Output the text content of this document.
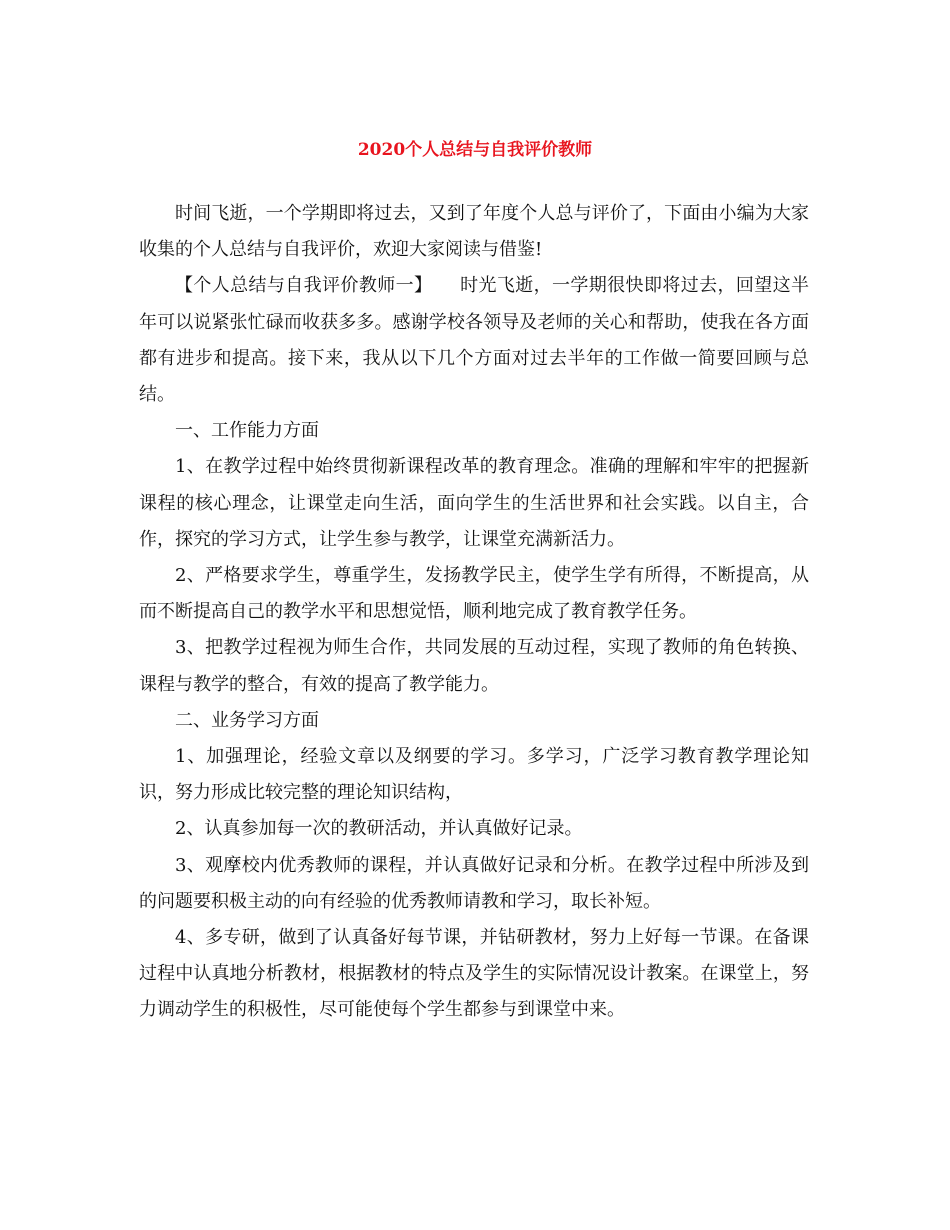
2020个人总结与自我评价教师

时间飞逝，一个学期即将过去，又到了年度个人总与评价了，下面由小编为大家收集的个人总结与自我评价，欢迎大家阅读与借鉴!

【个人总结与自我评价教师一】　　时光飞逝，一学期很快即将过去，回望这半年可以说紧张忙碌而收获多多。感谢学校各领导及老师的关心和帮助，使我在各方面都有进步和提高。接下来，我从以下几个方面对过去半年的工作做一简要回顾与总结。

一、工作能力方面

1、在教学过程中始终贯彻新课程改革的教育理念。准确的理解和牢牢的把握新课程的核心理念，让课堂走向生活，面向学生的生活世界和社会实践。以自主，合作，探究的学习方式，让学生参与教学，让课堂充满新活力。

2、严格要求学生，尊重学生，发扬教学民主，使学生学有所得，不断提高，从而不断提高自己的教学水平和思想觉悟，顺利地完成了教育教学任务。

3、把教学过程视为师生合作，共同发展的互动过程，实现了教师的角色转换、课程与教学的整合，有效的提高了教学能力。

二、业务学习方面

1、加强理论，经验文章以及纲要的学习。多学习，广泛学习教育教学理论知识，努力形成比较完整的理论知识结构，

2、认真参加每一次的教研活动，并认真做好记录。

3、观摩校内优秀教师的课程，并认真做好记录和分析。在教学过程中所涉及到的问题要积极主动的向有经验的优秀教师请教和学习，取长补短。

4、多专研，做到了认真备好每节课，并钻研教材，努力上好每一节课。在备课过程中认真地分析教材，根据教材的特点及学生的实际情况设计教案。在课堂上，努力调动学生的积极性，尽可能使每个学生都参与到课堂中来。
